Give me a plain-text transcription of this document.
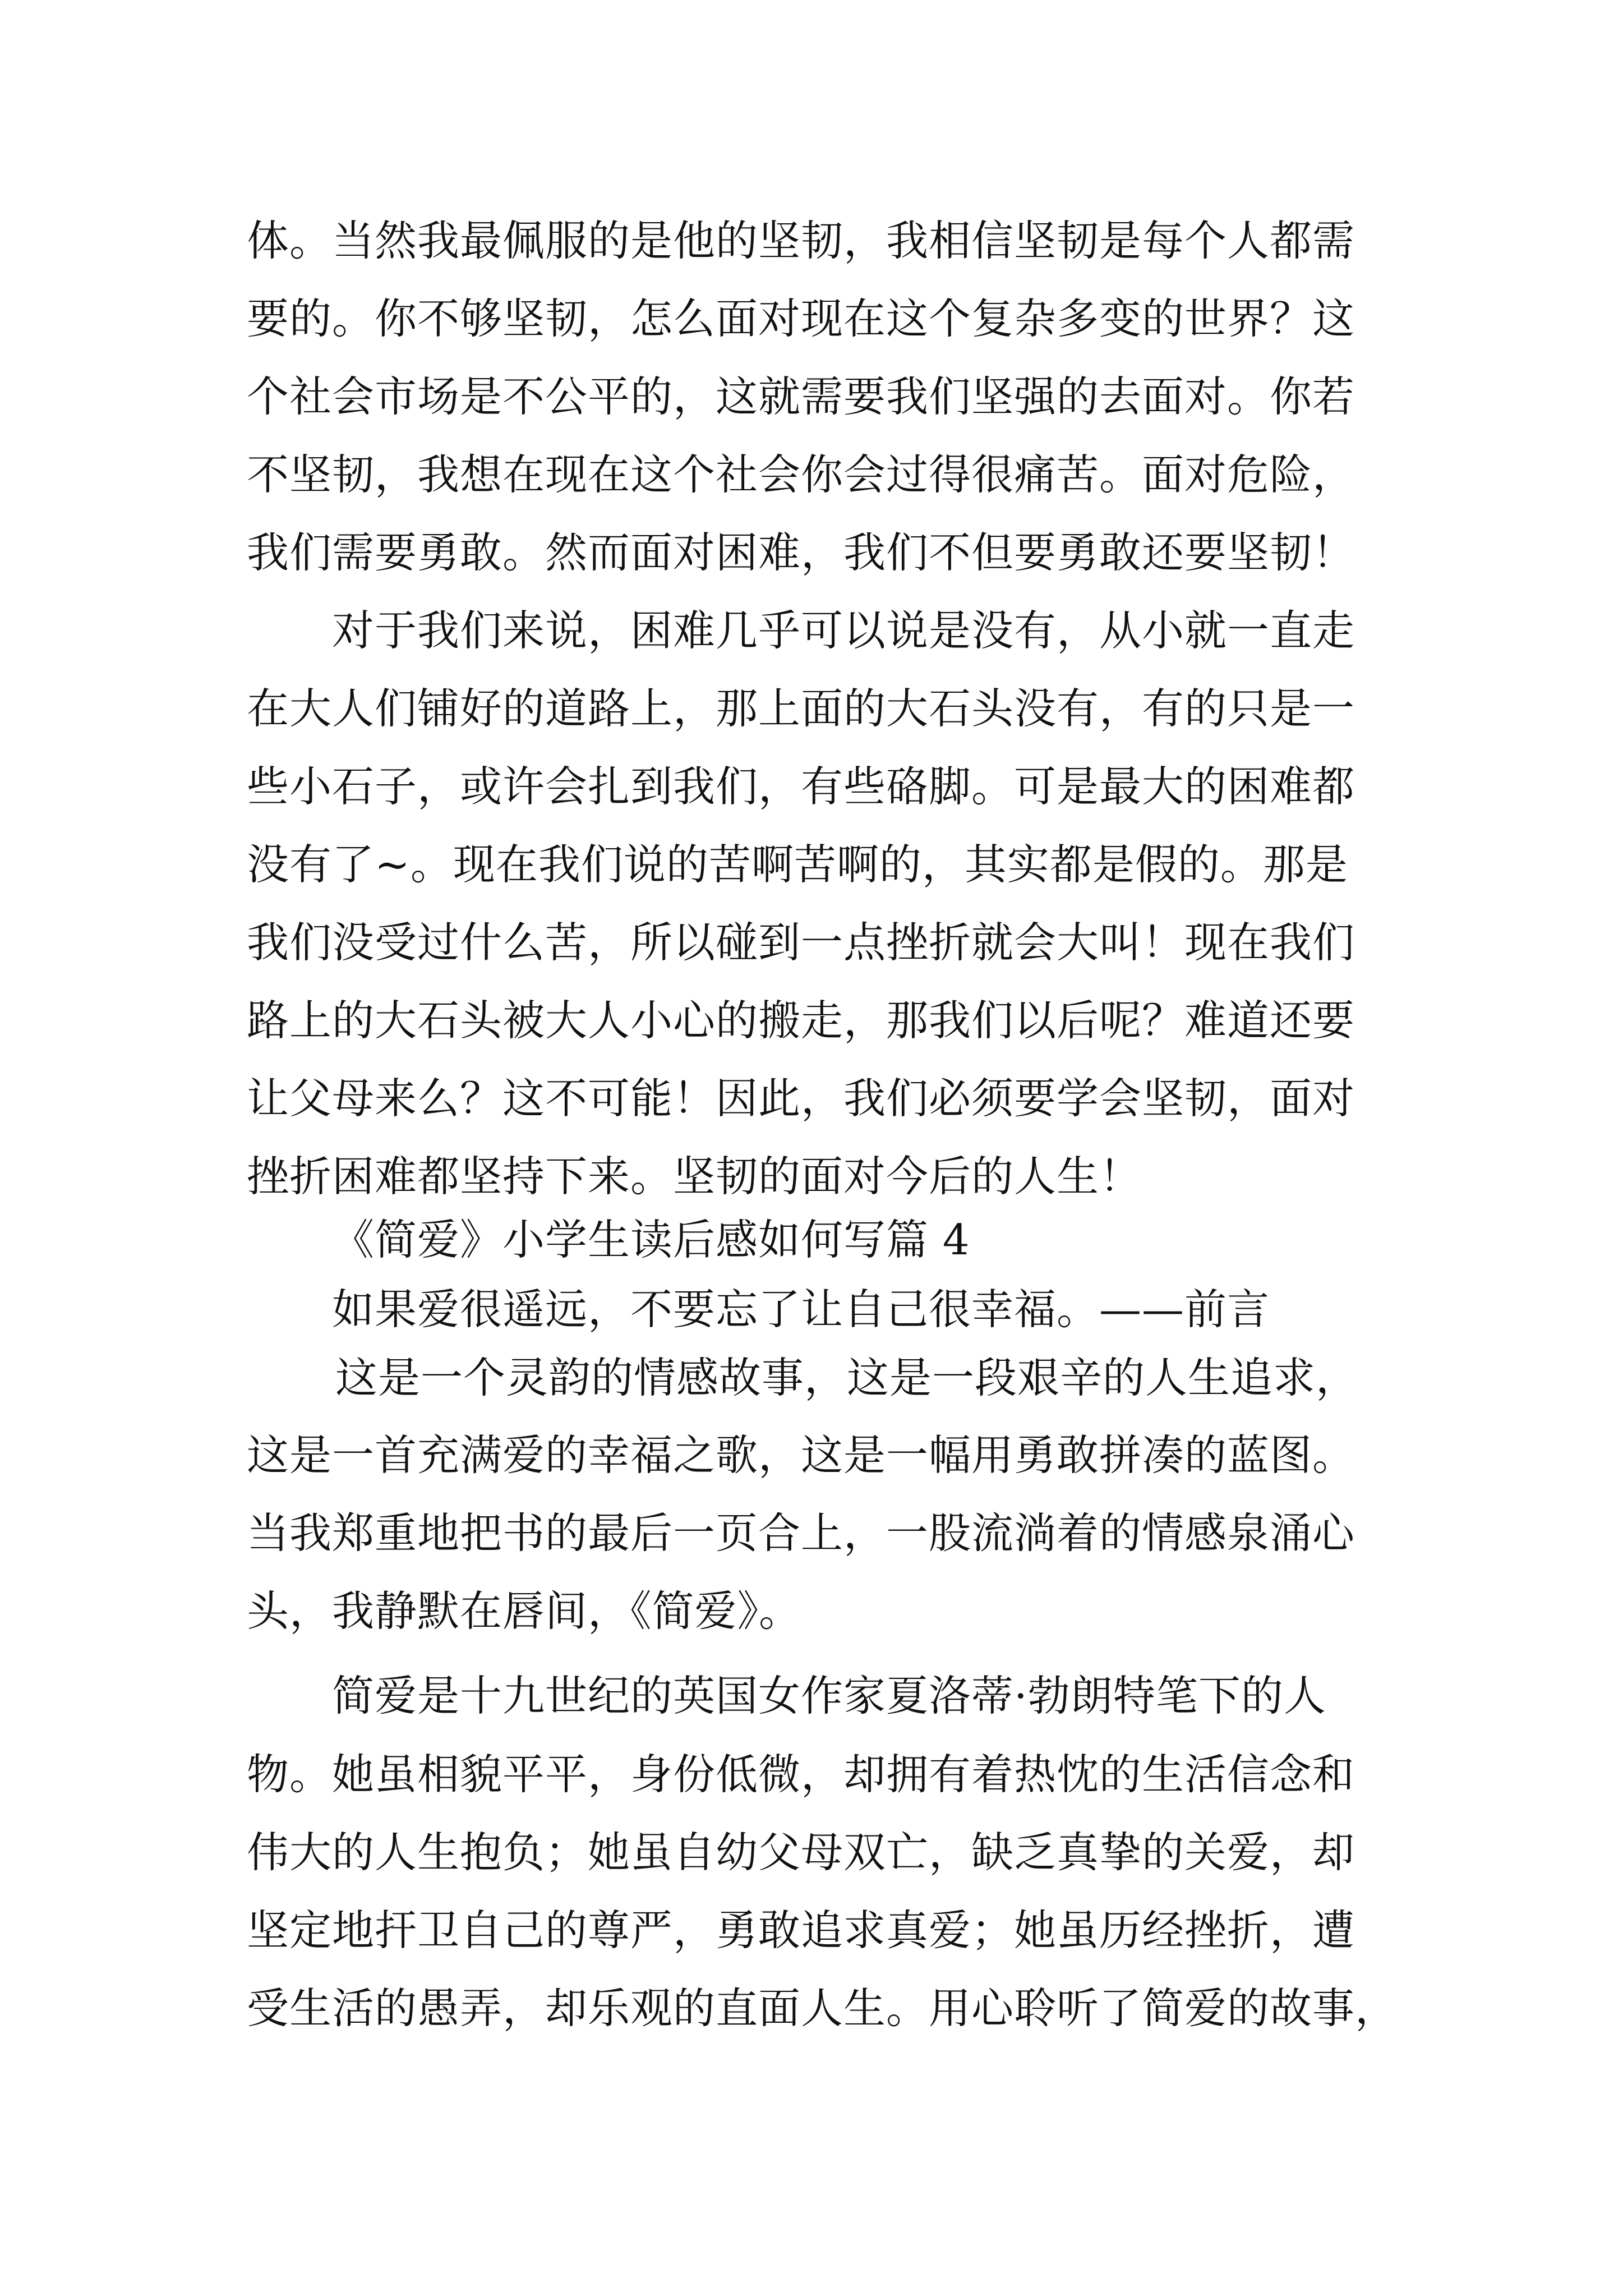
体。当然我最佩服的是他的坚韧，我相信坚韧是每个人都需
要的。你不够坚韧，怎么面对现在这个复杂多变的世界？这
个社会市场是不公平的，这就需要我们坚强的去面对。你若
不坚韧，我想在现在这个社会你会过得很痛苦。面对危险，
我们需要勇敢。然而面对困难，我们不但要勇敢还要坚韧！
对于我们来说，困难几乎可以说是没有，从小就一直走
在大人们铺好的道路上，那上面的大石头没有，有的只是一
些小石子，或许会扎到我们，有些硌脚。可是最大的困难都
没有了~。现在我们说的苦啊苦啊的，其实都是假的。那是
我们没受过什么苦，所以碰到一点挫折就会大叫！现在我们
路上的大石头被大人小心的搬走，那我们以后呢？难道还要
让父母来么？这不可能！因此，我们必须要学会坚韧，面对
挫折困难都坚持下来。坚韧的面对今后的人生！
《简爱》小学生读后感如何写篇 4
如果爱很遥远，不要忘了让自己很幸福。——前言
这是一个灵韵的情感故事，这是一段艰辛的人生追求，
这是一首充满爱的幸福之歌，这是一幅用勇敢拼凑的蓝图。
当我郑重地把书的最后一页合上，一股流淌着的情感泉涌心
头，我静默在唇间，《简爱》。
简爱是十九世纪的英国女作家夏洛蒂·勃朗特笔下的人
物。她虽相貌平平，身份低微，却拥有着热忱的生活信念和
伟大的人生抱负；她虽自幼父母双亡，缺乏真挚的关爱，却
坚定地扞卫自己的尊严，勇敢追求真爱；她虽历经挫折，遭
受生活的愚弄，却乐观的直面人生。用心聆听了简爱的故事，
